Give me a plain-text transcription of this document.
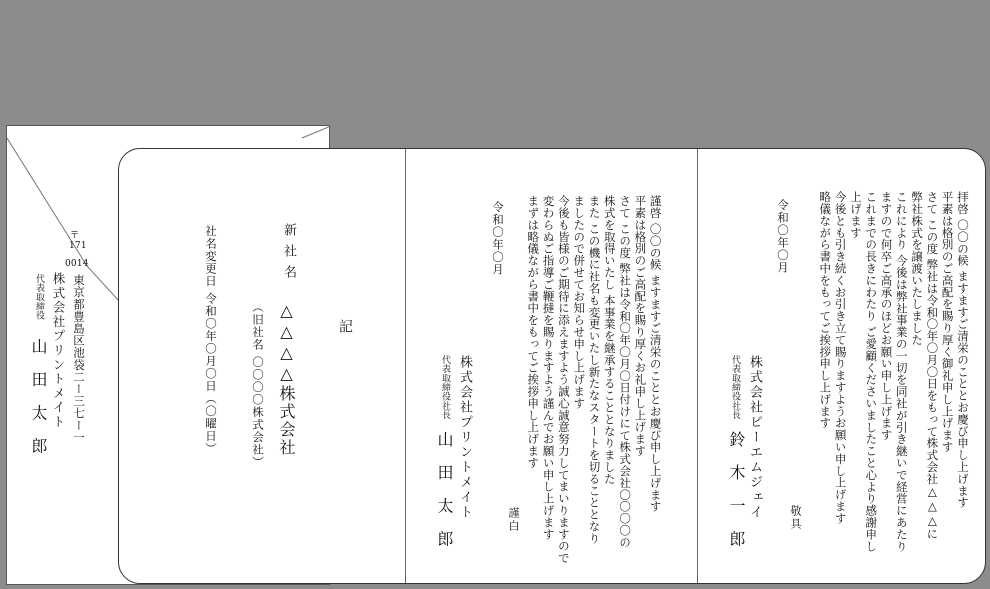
〒
171
0014
東京都豊島区池袋二ー三七ー一
株式会社プリントメイト
代表取締役
山 田 太 郎
記
新 社 名
△△△△株式会社
（旧社名 〇〇〇〇株式会社）
社名変更日 令和〇年〇月〇日（〇曜日）	謹啓 〇〇の候 ますますご清栄のこととお慶び申し上げます
平素は格別のご高配を賜り厚くお礼申し上げます
さて この度 弊社は令和〇年〇月〇日付けにて株式会社〇〇〇〇の
株式を取得いたし 本事業を継承することとなりました
また この機に社名も変更いたし新たなスタートを切ることとなり
ましたので併せてお知らせ申し上げます
今後も皆様のご期待に添えますよう誠心誠意努力してまいりますので
変わらぬご指導ご鞭撻を賜りますよう謹んでお願い申し上げます
まずは略儀ながら書中をもってご挨拶申し上げます
謹白
令和〇年〇月
株式会社プリントメイト
代表取締役社長
山 田 太 郎	拝啓 〇〇の候 ますますご清栄のこととお慶び申し上げます
平素は格別のご高配を賜り厚く御礼申し上げます
さて この度 弊社は令和〇年〇月〇日をもって株式会社△△△に
弊社株式を譲渡いたしました
これにより 今後は弊社事業の一切を同社が引き継いで経営にあたり
ますので何卒ご高承のほどお願い申し上げます
これまでの長きにわたり ご愛顧くださいましたこと心より感謝申し
上げます
今後とも引き続くお引き立て賜りますようお願い申し上げます
略儀ながら書中をもってご挨拶申し上げます
敬具
令和〇年〇月
株式会社ピーエムジェイ
代表取締役社長
鈴 木 一 郎
